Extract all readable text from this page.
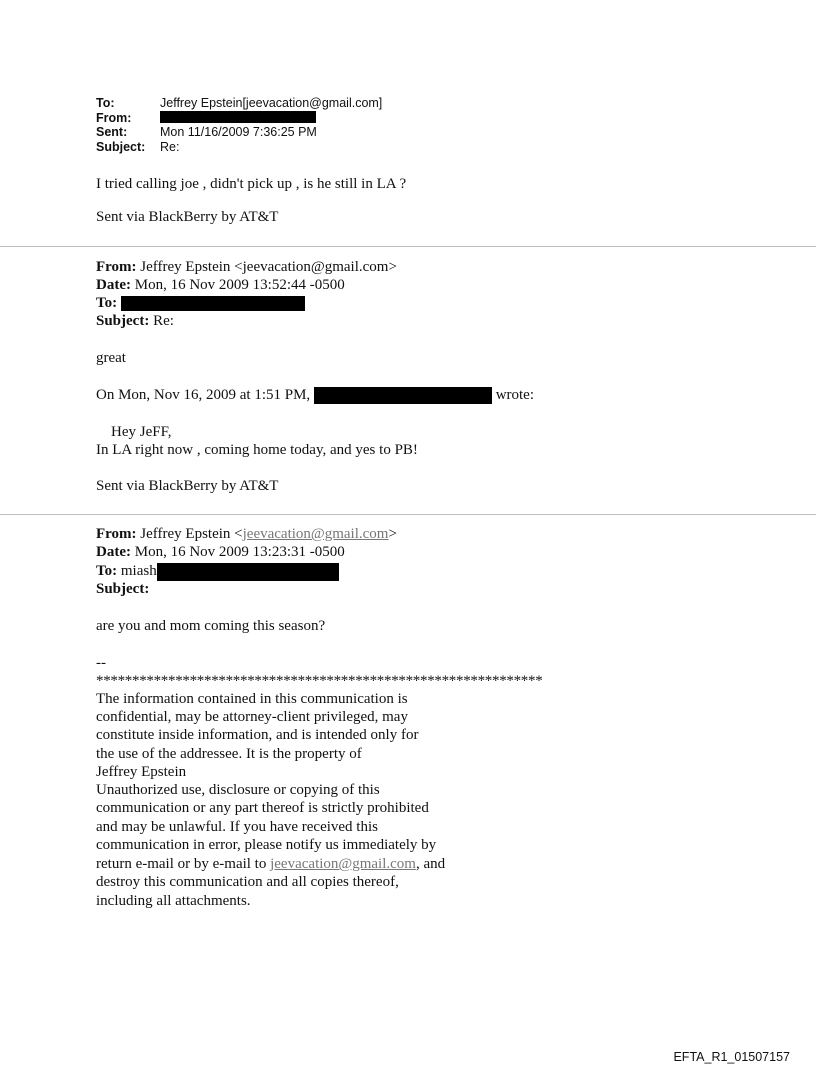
To:	Jeffrey Epstein[jeevacation@gmail.com]
From:
Sent:	Mon 11/16/2009 7:36:25 PM
Subject:	Re:
I tried calling joe , didn't pick up , is he still in LA ?
Sent via BlackBerry by AT&T
From: Jeffrey Epstein <jeevacation@gmail.com>
Date: Mon, 16 Nov 2009 13:52:44 -0500
To:
Subject: Re:
great
On Mon, Nov 16, 2009 at 1:51 PM,	wrote:
Hey JeFF,
In LA right now , coming home today, and yes to PB!
Sent via BlackBerry by AT&T
From: Jeffrey Epstein <jeevacation@gmail.com>
Date: Mon, 16 Nov 2009 13:23:31 -0500
To: miash
Subject:
are you and mom coming this season?
--
**************************************************************
The information contained in this communication is
confidential, may be attorney-client privileged, may
constitute inside information, and is intended only for
the use of the addressee. It is the property of
Jeffrey Epstein
Unauthorized use, disclosure or copying of this
communication or any part thereof is strictly prohibited
and may be unlawful. If you have received this
communication in error, please notify us immediately by
return e-mail or by e-mail to jeevacation@gmail.com, and
destroy this communication and all copies thereof,
including all attachments.
EFTA_R1_01507157
